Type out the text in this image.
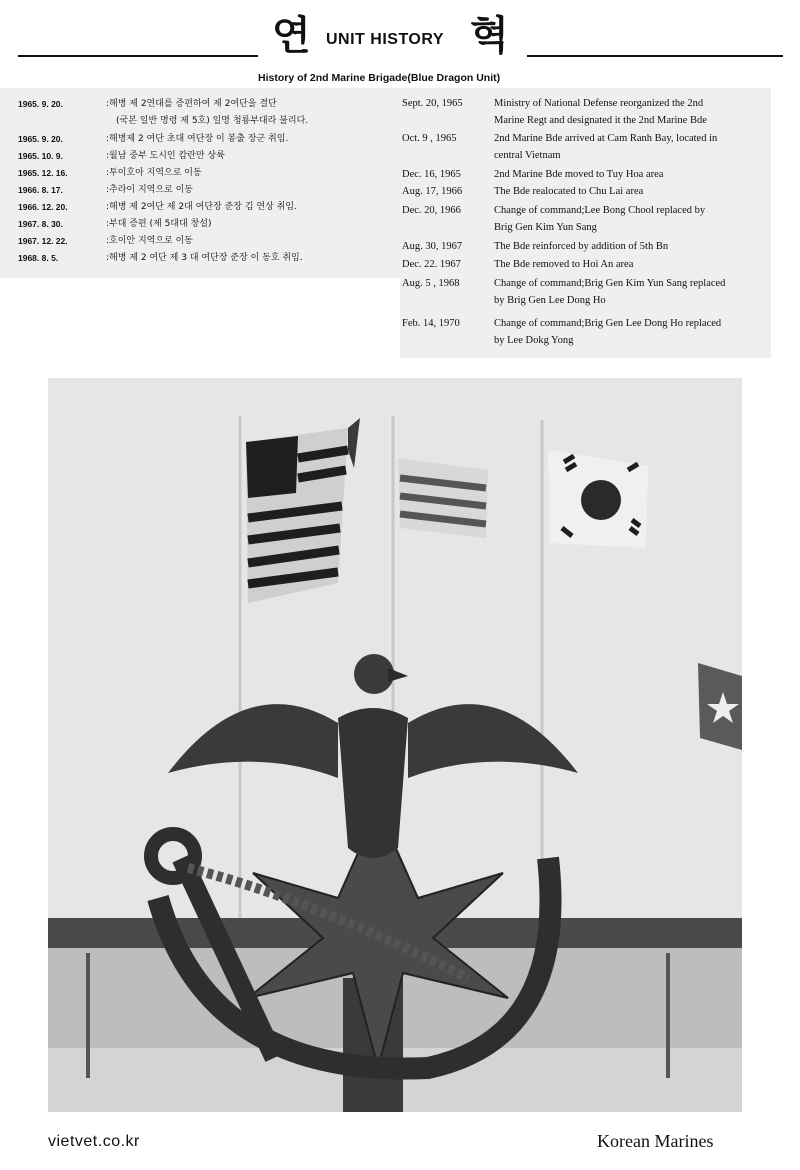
연 UNIT HISTORY 혁
History of 2nd Marine Brigade(Blue Dragon Unit)
1965. 9. 20.	:해병 제 2연대를 증편하여 제 2여단을 결단
(국본 일반 명령 제 5호) 일명 청룡부대라 불리다.
1965. 9. 20.	:해병제 2 여단 초대 여단장 이 봉출 장군 취임.
1965. 10. 9.	:월남 중부 도시인 캄란만 상륙
1965. 12. 16.	:투이호아 지역으로 이동
1966. 8. 17.	:추라이 지역으로 이동
1966. 12. 20.	:해병 제 2여단 제 2대 여단장 준장 김 연상 취임.
1967. 8. 30.	:부대 증편 (제 5대대 창설)
1967. 12. 22.	:호이안 지역으로 이동
1968. 8. 5.	:해병 제 2 여단 제 3 대 여단장 준장 이 동호 취임.
Sept. 20, 1965	Ministry of National Defense reorganized the 2nd
Marine Regt and designated it the 2nd Marine Bde
Oct. 9 , 1965	2nd Marine Bde arrived at Cam Ranh Bay, located in
central Vietnam
Dec. 16, 1965	2nd Marine Bde moved to Tuy Hoa area
Aug. 17, 1966	The Bde realocated to Chu Lai area
Dec. 20, 1966	Change of command;Lee Bong Chool replaced by
Brig Gen Kim Yun Sang
Aug. 30, 1967	The Bde reinforced by addition of 5th Bn
Dec. 22. 1967	The Bde removed to Hoi An area
Aug. 5 , 1968	Change of command;Brig Gen Kim Yun Sang replaced
by Brig Gen Lee Dong Ho
Feb. 14, 1970	Change of command;Brig Gen Lee Dong Ho replaced
by Lee Dokg Yong
vietvet.co.kr	Korean Marines
